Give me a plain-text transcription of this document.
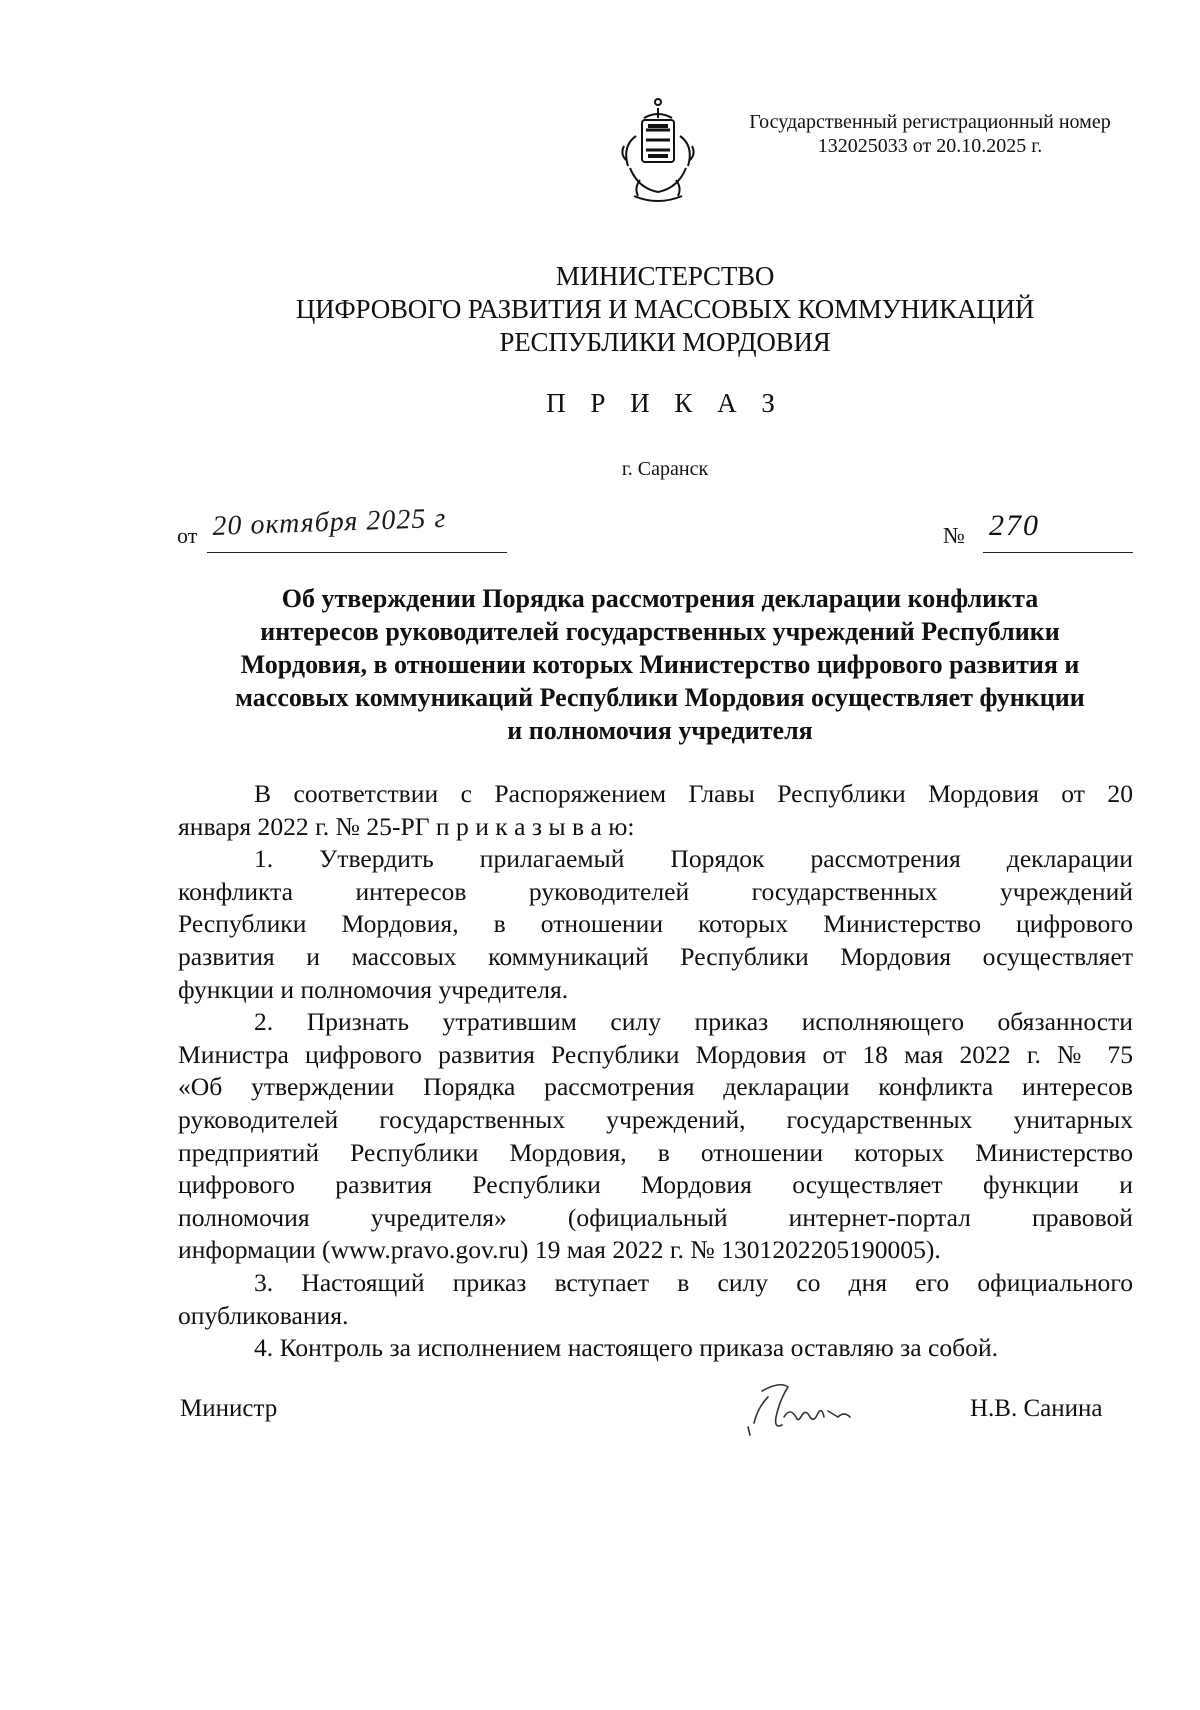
Государственный регистрационный номер
132025033 от 20.10.2025 г.
МИНИСТЕРСТВО
ЦИФРОВОГО РАЗВИТИЯ И МАССОВЫХ КОММУНИКАЦИЙ
РЕСПУБЛИКИ МОРДОВИЯ
П Р И К А З
г. Саранск
от 20 октября 2025 г	№ 270
Об утверждении Порядка рассмотрения декларации конфликта
интересов руководителей государственных учреждений Республики
Мордовия, в отношении которых Министерство цифрового развития и
массовых коммуникаций Республики Мордовия осуществляет функции
и полномочия учредителя
В соответствии с Распоряжением Главы Республики Мордовия от 20
января 2022 г. № 25-РГ п р и к а з ы в а ю:
1. Утвердить прилагаемый Порядок рассмотрения декларации
конфликта интересов руководителей государственных учреждений
Республики Мордовия, в отношении которых Министерство цифрового
развития и массовых коммуникаций Республики Мордовия осуществляет
функции и полномочия учредителя.
2. Признать утратившим силу приказ исполняющего обязанности
Министра цифрового развития Республики Мордовия от 18 мая 2022 г. № 75
«Об утверждении Порядка рассмотрения декларации конфликта интересов
руководителей государственных учреждений, государственных унитарных
предприятий Республики Мордовия, в отношении которых Министерство
цифрового развития Республики Мордовия осуществляет функции и
полномочия учредителя» (официальный интернет-портал правовой
информации (www.pravo.gov.ru) 19 мая 2022 г. № 1301202205190005).
3. Настоящий приказ вступает в силу со дня его официального
опубликования.
4. Контроль за исполнением настоящего приказа оставляю за собой.
Министр	Н.В. Санина
